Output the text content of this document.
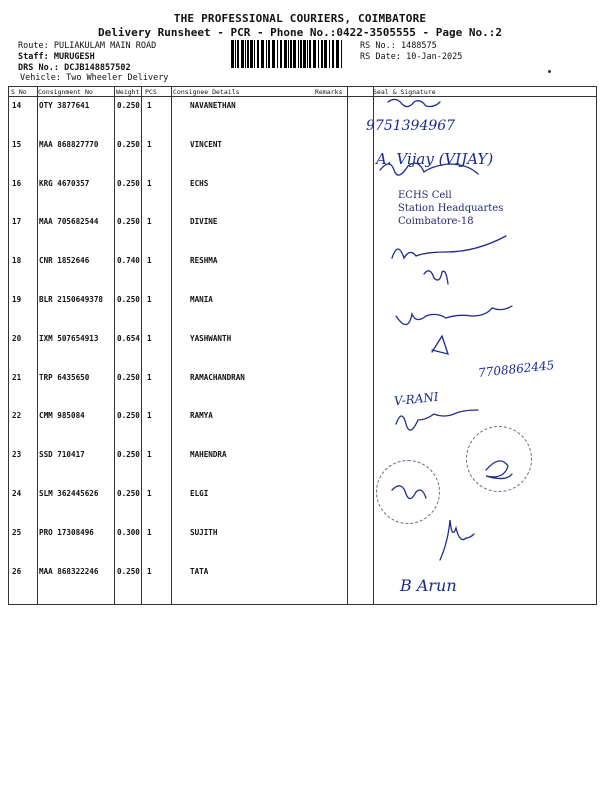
THE PROFESSIONAL COURIERS, COIMBATORE
Delivery Runsheet - PCR - Phone No.:0422-3505555 - Page No.:2
Route: PULIAKULAM MAIN ROAD
Staff: MURUGESH
DRS No.: DCJB148857502
Vehicle: Two Wheeler Delivery
RS No.: 1488575
RS Date: 10-Jan-2025
S No Consignment No	Weight PCS	Consignee Details	Remarks	Seal & Signature
14 OTY 3877641	0.250 1	NAVANETHAN
15 MAA 868827770 0.250 1	VINCENT
16 KRG 4670357	0.250 1	ECHS
17 MAA 705682544 0.250 1	DIVINE
18 CNR 1852646	0.740 1	RESHMA
19 BLR 2150649378 0.250 1	MANIA
20 IXM 507654913 0.654 1	YASHWANTH
21 TRP 6435650	0.250 1	RAMACHANDRAN
22 CMM 985084	0.250 1	RAMYA
23 SSD 710417	0.250 1	MAHENDRA
24 SLM 362445626 0.250 1	ELGI
25 PRO 17308496	0.300 1	SUJITH
26 MAA 868322246 0.250 1	TATA
9751394967
A. Vijay (VIJAY)
ECHS Cell
Station Headquartes
Coimbatore-18
7708862445
V-RANI
B Arun
